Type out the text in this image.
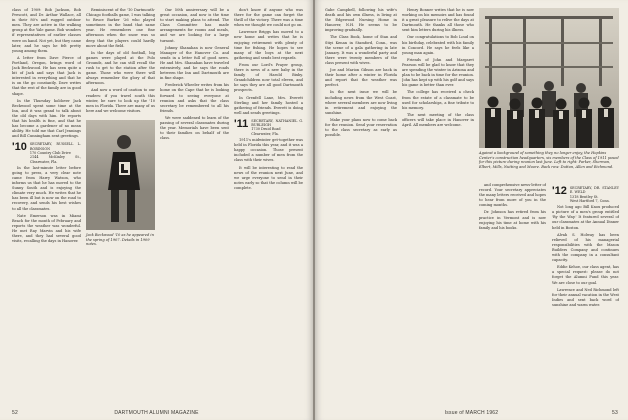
class of 1909: Bob Jackson, Bob Prescott, and Dr. Arthur Wallace, all in their 80's and rugged outdoor men. They are active in the walking group at the Yale game. Bob wonders if representatives of earlier classes were on hand. Not yet, but they came later, and he says he felt pretty young among them.

A letter from Dave Pierce of Portland, Oregon, brings word of Jack Beckwood. He has seen quite a bit of Jack and says that Jack is interested in everything and that he is on the go constantly. Dave writes that the rest of the family are in good shape.

In the Thursday holdover Jack Beckwood spent some time at the Inn, and it was grand to talk about the old days with him. He reports that his health is fine, and that he has become a gardener of no mean ability. He told me that Carl Jennings and Bill Cunningham sent greetings.

'10 SECRETARY, RUSSELL L. ROBINSON
170 Country Club Drive
2144 McKinley St., Clearwater, Fla.

In the last-minute letter before going to press, a very clear note came from Harry Watson, who informs us that he has moved to the Sunny South and is enjoying the climate very much. He writes that he has been ill but is now on the road to recovery, and sends his best wishes to all the classmates.

Nate Emerson was in Miami Beach for the month of February and reports the weather was wonderful. He met Ray Marvin and his wife there, and they had several good visits, recalling the days in Hanover.

Reminiscent of the '10 Dartmouth-Chicago footballs game, I was talking to Bruce Barker '26 who played sometimes in the band that same year. He remembers one fine afternoon when the snow was so deep that the players could hardly move about the field.

In the days of old football, big games were played at the Polo Grounds, and he can still recall the rush to get to the station after the game. Those who were there will always remember the glory of that afternoon.

And now a word of caution to our readers: if you travel south this winter, be sure to look up the '10 men in Florida. There are many of us here and we welcome visitors.

Jack Beckwood '10 as he appeared in the spring of 1907. Details in 1909 notes.

Our 50th anniversary will be a great occasion, and now is the time to start making plans to attend. The Class Committee has made arrangements for rooms and meals, and we are looking for a large turnout.

Johnny Shanahan is now General Manager of the Hanover Co. and sends in a letter full of good news. He and Mrs. Shanahan have traveled extensively, and he says the roads between the Inn and Dartmouth are in fine shape.

Frederick Wheeler writes from his home on the Cape that he is looking forward to seeing everyone at reunion and asks that the class secretary be remembered to all his friends.

We were saddened to learn of the passing of several classmates during the year. Memorials have been sent to their families on behalf of the class.

don't know if anyone who was there for the game can forget the thrill of the victory. There was a time when we thought we could not go on.

Lawrence Briggs has moved to a new home and writes that he is enjoying retirement with plenty of time for fishing. He hopes to see many of the boys at the next gathering and sends best regards.

From our Lord's Prayer group, there is news of a new baby in the family of Harold Bixby. Grandchildren now total eleven, and he says they are all good Dartmouth prospects.

In Grenfell Lane, Mrs. Everett Sterling and her family hosted a gathering of friends. Everett is doing well and sends greetings.

'11 SECRETARY, NATHANIEL G. BURLEIGH
1730 Druid Road
Clearwater, Fla.

1911's midwinter get-together was held in Florida this year, and it was a happy occasion. Those present included a number of men from the class with their wives.

It will be interesting to read the news of the reunion next June, and we urge everyone to send in their notes early so that the column will be complete.

52	DARTMOUTH ALUMNI MAGAZINE

Gabe Campbell, following his wife's death and his own illness, is living at the Edgewood Nursing Home in Hanover, N.H. He seems to be improving gradually.

The Class Book, home of Stan and Stiyi Kenan in Stamford, Conn., was the scene of a gala gathering in late January. It was a wonderful party and there were twenty members of the class present with wives.

Joe and Marion Gibson are back in their home after a winter in Florida and report that the weather was perfect.

In the next issue we will be including news from the West Coast, where several members are now living in retirement and enjoying the sunshine.

Make your plans now to come back for the reunion. Send your reservation to the class secretary as early as possible.

Henry Bonner writes that he is now working on his memoirs and has found it a great pleasure to relive the days at Dartmouth. He thanks all those who sent him letters during his illness.

Our congratulations to Bob Loud on his birthday, celebrated with his family in Concord. He says he feels like a young man again.

Friends of John and Margaret Pearson will be glad to know that they are spending the winter in Arizona and plan to be back in time for the reunion. John has kept up with his golf and says his game is better than ever.

The college has received a check from the estate of a classmate to be used for scholarships, a fine tribute to his memory.

The next meeting of the class officers will take place in Hanover in April. All members are welcome.

Against a background of something they no longer enjoy, the Hopkins Center's construction headquarters, six members of the Class of 1911 posed for this picture during reunion last June. Left to right: Parker, Sherman, Elbert, Mills, Nutting and Moore. Back row: Dutton, Allen and Richmond.

and comprehensive news-letter of record. Your secretary appreciates the many letters received and hopes to hear from more of you in the coming months.

Dr. Johnson has retired from his practice in Vermont and is now enjoying his time at home with his family and his books.

'12 SECRETARY, DR. STANLEY E. WELD
1318 Bentley St.
West Hartford 7, Conn.

Not long ago Bill Knox produced a picture of a men's group entitled 'By the Way.' It featured several of our classmates at the Annual Dinner held in Boston.

Alvah S. Holway has been relieved of his managerial responsibilities with the Mason Builders Company and continues with the company in a consultant capacity.

Eddie Kehoe, our class agent, has a special request: please do not forget the Alumni Fund this year. We are close to our goal.

Lawrence and Ned Richmond left for their annual vacation in the West Indies and sent back word of sunshine and warm water.

Issue of MARCH 1962	53
